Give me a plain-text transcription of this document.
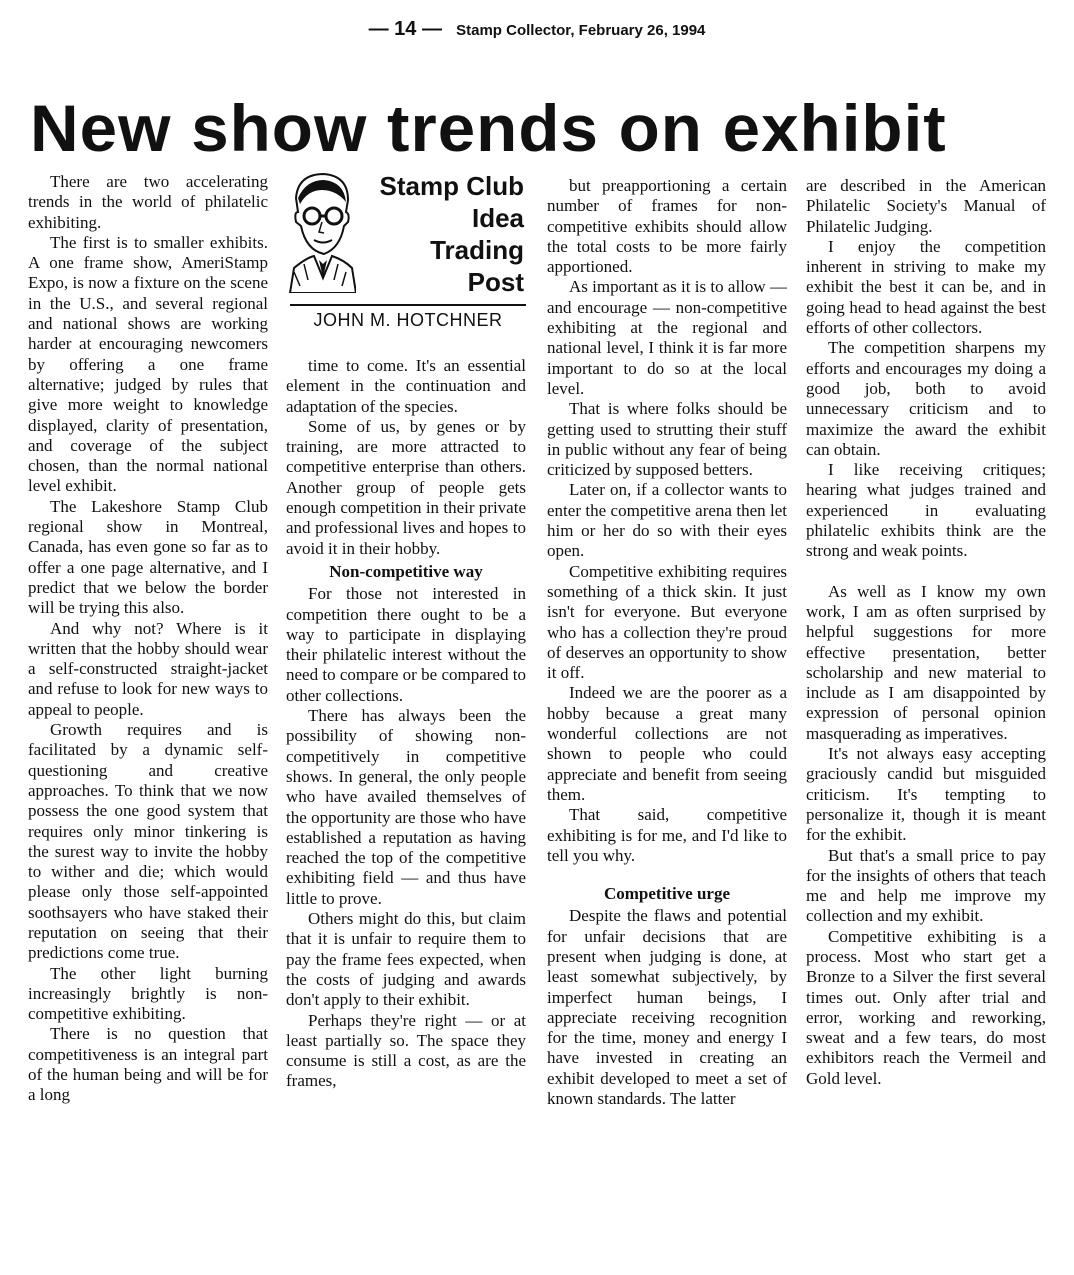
— 14 — Stamp Collector, February 26, 1994
New show trends on exhibit
Stamp Club
Idea
Trading
Post
JOHN M. HOTCHNER

There are two accelerating trends in the world of philatelic exhibiting.

The first is to smaller exhibits. A one frame show, AmeriStamp Expo, is now a fixture on the scene in the U.S., and several regional and national shows are working harder at encouraging newcomers by offering a one frame alternative; judged by rules that give more weight to knowledge displayed, clarity of presentation, and coverage of the subject chosen, than the normal national level exhibit.

The Lakeshore Stamp Club regional show in Montreal, Canada, has even gone so far as to offer a one page alternative, and I predict that we below the border will be trying this also.

And why not? Where is it written that the hobby should wear a self-constructed straight-jacket and refuse to look for new ways to appeal to people.

Growth requires and is facilitated by a dynamic self-questioning and creative approaches. To think that we now possess the one good system that requires only minor tinkering is the surest way to invite the hobby to wither and die; which would please only those self-appointed soothsayers who have staked their reputation on seeing that their predictions come true.

The other light burning increasingly brightly is non-competitive exhibiting.

There is no question that competitiveness is an integral part of the human being and will be for a long

time to come. It's an essential element in the continuation and adaptation of the species.

Some of us, by genes or by training, are more attracted to competitive enterprise than others. Another group of people gets enough competition in their private and professional lives and hopes to avoid it in their hobby.

Non-competitive way

For those not interested in competition there ought to be a way to participate in displaying their philatelic interest without the need to compare or be compared to other collections.

There has always been the possibility of showing non-competitively in competitive shows. In general, the only people who have availed themselves of the opportunity are those who have established a reputation as having reached the top of the competitive exhibiting field — and thus have little to prove.

Others might do this, but claim that it is unfair to require them to pay the frame fees expected, when the costs of judging and awards don't apply to their exhibit.

Perhaps they're right — or at least partially so. The space they consume is still a cost, as are the frames,

but preapportioning a certain number of frames for non-competitive exhibits should allow the total costs to be more fairly apportioned.

As important as it is to allow — and encourage — non-competitive exhibiting at the regional and national level, I think it is far more important to do so at the local level.

That is where folks should be getting used to strutting their stuff in public without any fear of being criticized by supposed betters.

Later on, if a collector wants to enter the competitive arena then let him or her do so with their eyes open.

Competitive exhibiting requires something of a thick skin. It just isn't for everyone. But everyone who has a collection they're proud of deserves an opportunity to show it off.

Indeed we are the poorer as a hobby because a great many wonderful collections are not shown to people who could appreciate and benefit from seeing them.

That said, competitive exhibiting is for me, and I'd like to tell you why.

Competitive urge

Despite the flaws and potential for unfair decisions that are present when judging is done, at least somewhat subjectively, by imperfect human beings, I appreciate receiving recognition for the time, money and energy I have invested in creating an exhibit developed to meet a set of known standards. The latter

are described in the American Philatelic Society's Manual of Philatelic Judging.

I enjoy the competition inherent in striving to make my exhibit the best it can be, and in going head to head against the best efforts of other collectors.

The competition sharpens my efforts and encourages my doing a good job, both to avoid unnecessary criticism and to maximize the award the exhibit can obtain.

I like receiving critiques; hearing what judges trained and experienced in evaluating philatelic exhibits think are the strong and weak points.

As well as I know my own work, I am as often surprised by helpful suggestions for more effective presentation, better scholarship and new material to include as I am disappointed by expression of personal opinion masquerading as imperatives.

It's not always easy accepting graciously candid but misguided criticism. It's tempting to personalize it, though it is meant for the exhibit.

But that's a small price to pay for the insights of others that teach me and help me improve my collection and my exhibit.

Competitive exhibiting is a process. Most who start get a Bronze to a Silver the first several times out. Only after trial and error, working and reworking, sweat and a few tears, do most exhibitors reach the Vermeil and Gold level.
